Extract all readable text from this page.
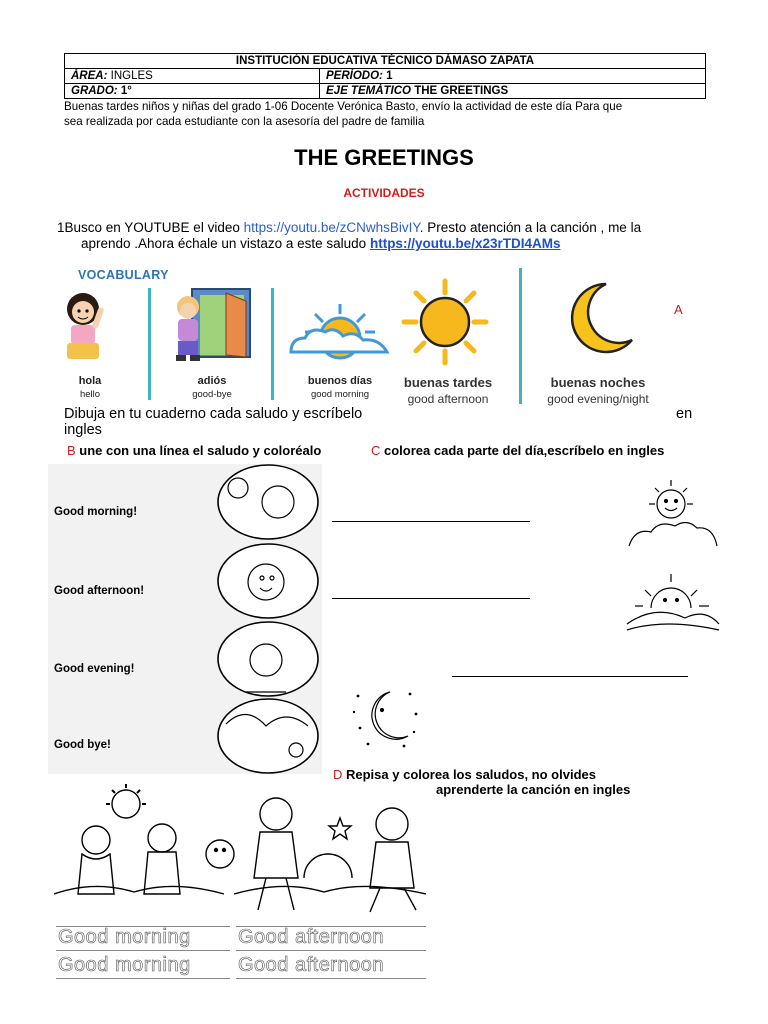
INSTITUCIÓN EDUCATIVA TÉCNICO DÁMASO ZAPATA
ÁREA: INGLES	PERÍODO: 1
GRADO: 1°	EJE TEMÁTICO THE GREETINGS
Buenas tardes niños y niñas del grado 1-06 Docente Verónica Basto, envío la actividad de este día Para que
sea realizada por cada estudiante con la asesoría del padre de familia
THE GREETINGS
ACTIVIDADES
1Busco en YOUTUBE el video https://youtu.be/zCNwhsBivIY. Presto atención a la canción , me la
aprendo .Ahora échale un vistazo a este saludo https://youtu.be/x23rTDI4AMs
VOCABULARY
A
hola
hello
adiós
good-bye
buenos días
good morning
buenas tardes
good afternoon
buenas noches
good evening/night
Dibuja en tu cuaderno cada saludo y escríbelo	en
ingles
B une con una línea el saludo y coloréalo	C colorea cada parte del día,escríbelo en ingles
Good morning!
Good afternoon!
Good evening!
Good bye!
D Repisa y colorea los saludos, no olvides
aprenderte la canción en ingles
Good morning Good afternoon
Good morning Good afternoon
